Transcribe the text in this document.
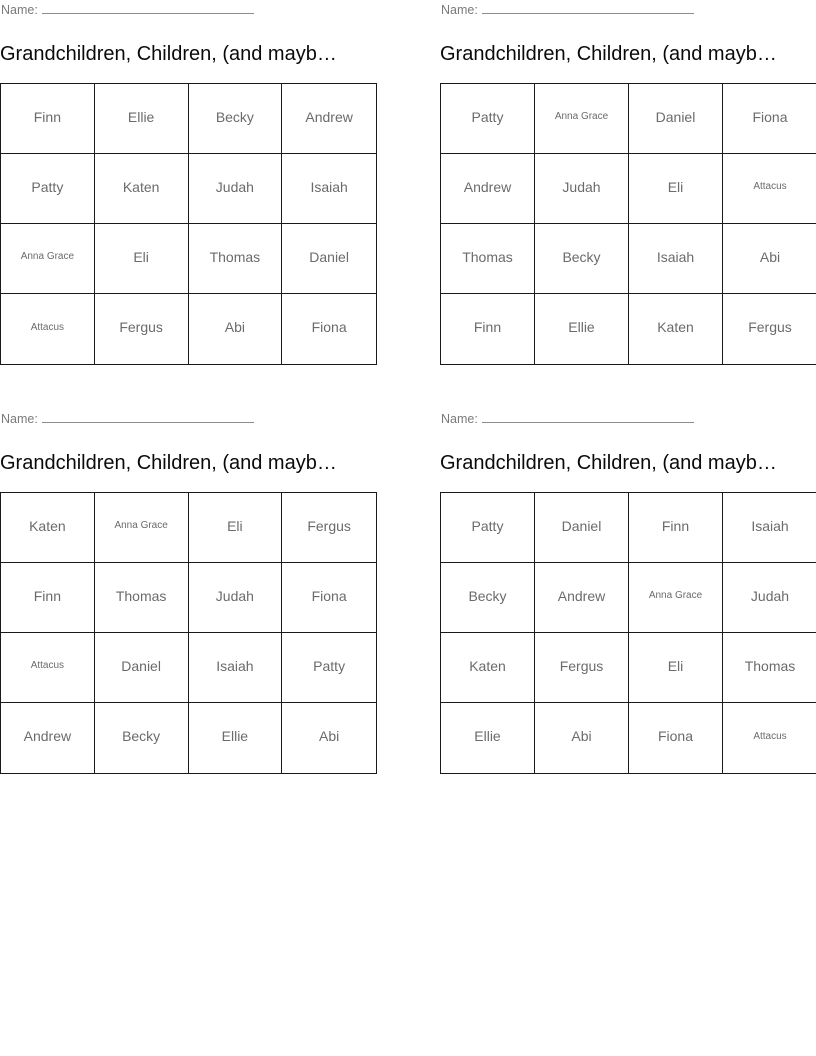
Name:
Grandchildren, Children, (and mayb…
Finn	Ellie	Becky	Andrew
Patty	Katen	Judah	Isaiah
Anna Grace	Eli	Thomas	Daniel
Attacus	Fergus	Abi	Fiona
Name:
Grandchildren, Children, (and mayb…
Patty	Anna Grace	Daniel	Fiona
Andrew	Judah	Eli	Attacus
Thomas	Becky	Isaiah	Abi
Finn	Ellie	Katen	Fergus
Name:
Grandchildren, Children, (and mayb…
Katen	Anna Grace	Eli	Fergus
Finn	Thomas	Judah	Fiona
Attacus	Daniel	Isaiah	Patty
Andrew	Becky	Ellie	Abi
Name:
Grandchildren, Children, (and mayb…
Patty	Daniel	Finn	Isaiah
Becky	Andrew	Anna Grace	Judah
Katen	Fergus	Eli	Thomas
Ellie	Abi	Fiona	Attacus
